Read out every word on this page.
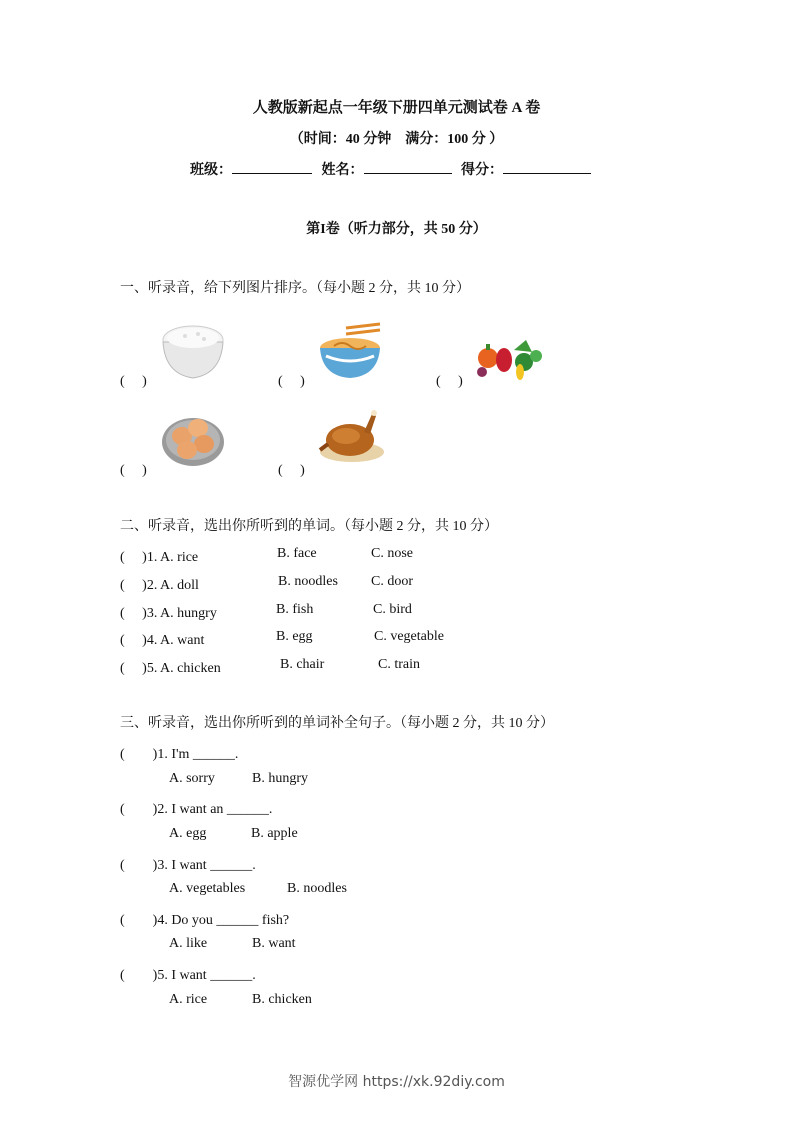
人教版新起点一年级下册四单元测试卷 A 卷
（时间：40 分钟　满分：100 分 ）
班级：	姓名：	得分：
第I卷（听力部分，共 50 分）
一、听录音，给下列图片排序。（每小题 2 分，共 10 分）
(　 )	(　 )	(　 )
(　 )	(　 )
二、听录音，选出你所听到的单词。（每小题 2 分，共 10 分）
(　 )1. A. rice	B. face	C. nose
(　 )2. A. doll	B. noodles C. door
(　 )3. A. hungry	B. fish	C. bird
(　 )4. A. want	B. egg	C. vegetable
(　 )5. A. chicken	B. chair	C. train
三、听录音，选出你所听到的单词补全句子。（每小题 2 分，共 10 分）
(　　)1. I'm ______.
A. sorry	B. hungry
(　　)2. I want an ______.
A. egg	B. apple
(　　)3. I want ______.
A. vegetables	B. noodles
(　　)4. Do you ______ fish?
A. like	B. want
(　　)5. I want ______.
A. rice	B. chicken
智源优学网 https://xk.92diy.com
